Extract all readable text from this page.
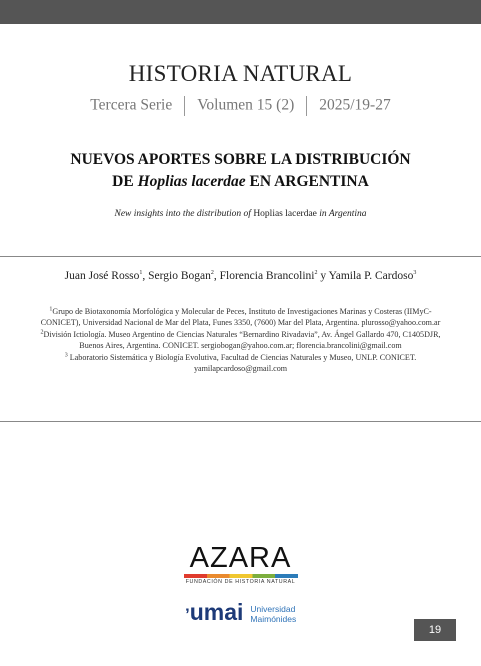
HISTORIA NATURAL
Tercera Serie Volumen 15 (2) 2025/19-27
NUEVOS APORTES SOBRE LA DISTRIBUCIÓN
DE Hoplias lacerdae EN ARGENTINA
New insights into the distribution of Hoplias lacerdae in Argentina
Juan José Rosso$^1$, Sergio Bogan$^2$, Florencia Brancolini$^2$ y Yamila P. Cardoso$^3$

$^1$Grupo de Biotaxonomía Morfológica y Molecular de Peces, Instituto de Investigaciones Marinas y Costeras (IIMyC-CONICET), Universidad Nacional de Mar del Plata, Funes 3350, (7600) Mar del Plata, Argentina. plurosso@yahoo.com.ar

$^2$División Ictiología. Museo Argentino de Ciencias Naturales “Bernardino Rivadavia”, Av. Ángel Gallardo 470, C1405DJR, Buenos Aires, Argentina. CONICET. sergiobogan@yahoo.com.ar; florencia.brancolini@gmail.com

$^3$ Laboratorio Sistemática y Biología Evolutiva, Facultad de Ciencias Naturales y Museo, UNLP. CONICET. yamilapcardoso@gmail.com

AZARA
FUNDACIÓN DE HISTORIA NATURAL
’umai Universidad
Maimónides
19
